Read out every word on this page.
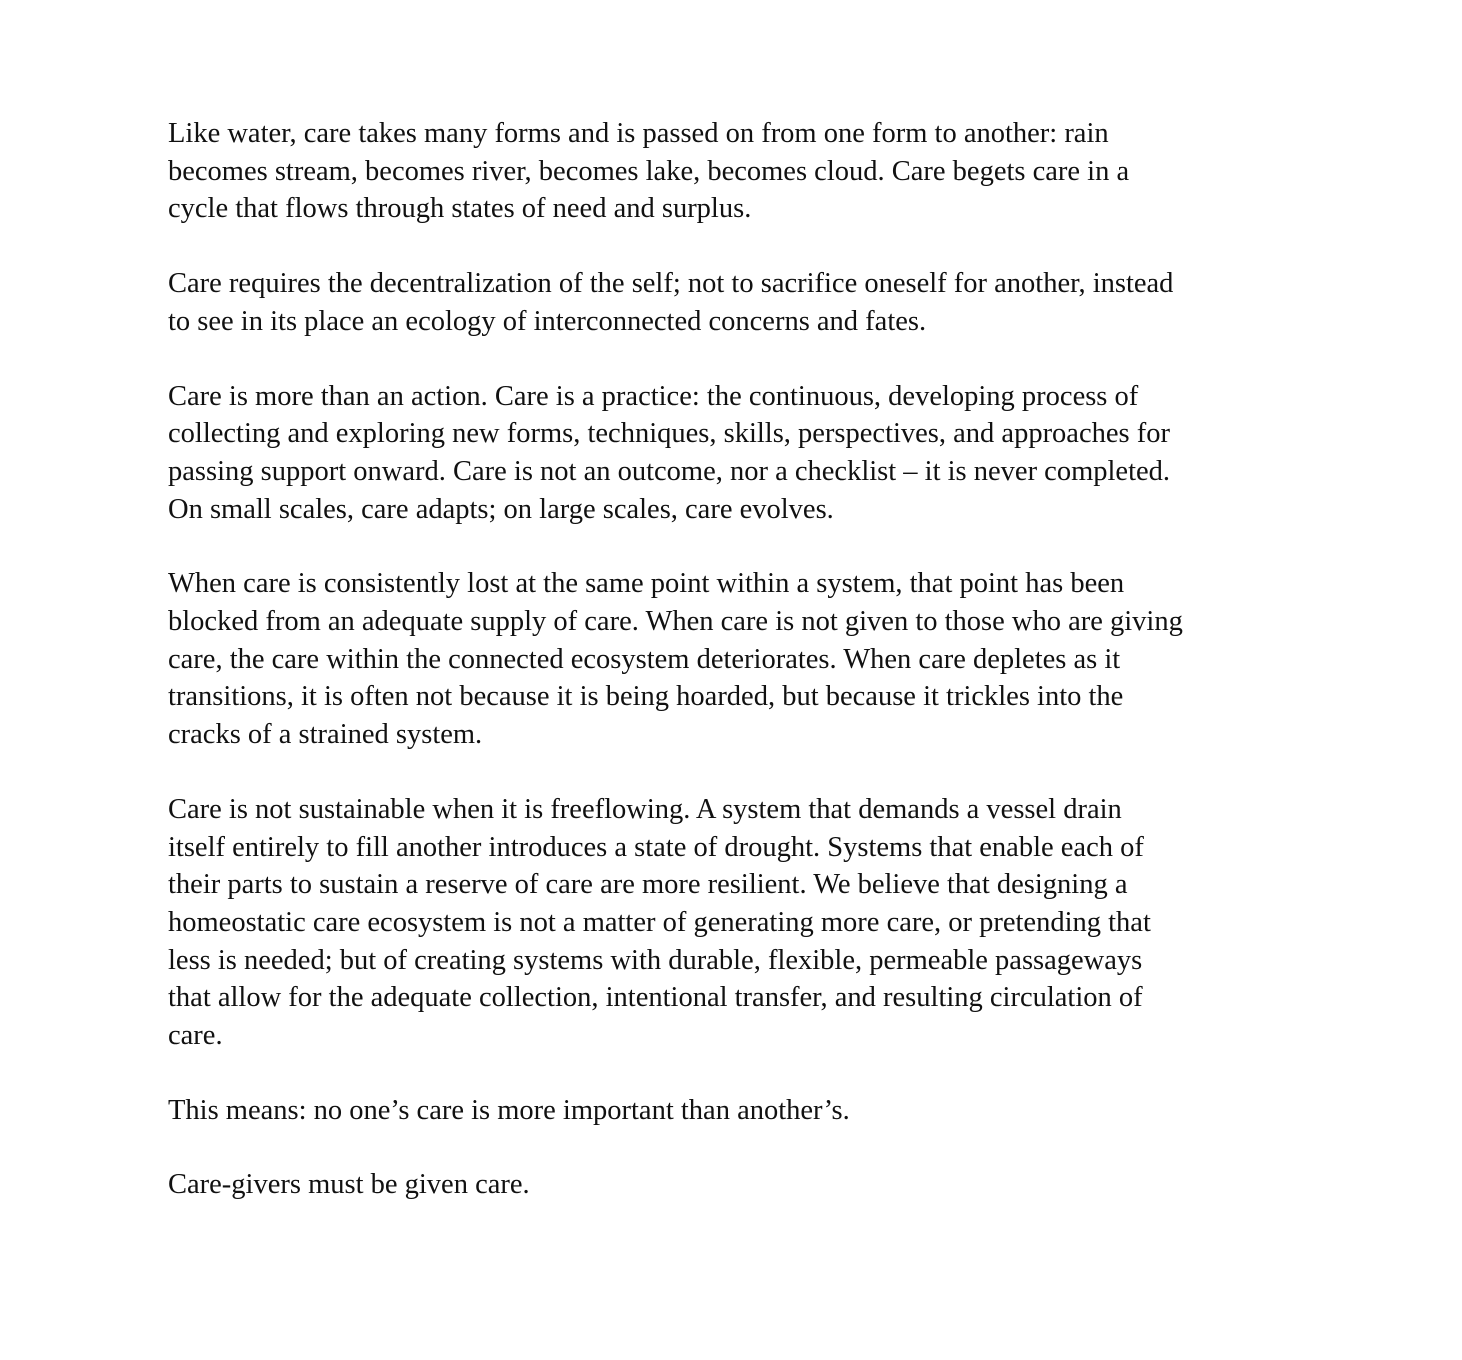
Like water, care takes many forms and is passed on from one form to another: rain
becomes stream, becomes river, becomes lake, becomes cloud. Care begets care in a
cycle that flows through states of need and surplus.

Care requires the decentralization of the self; not to sacrifice oneself for another, instead
to see in its place an ecology of interconnected concerns and fates.

Care is more than an action. Care is a practice: the continuous, developing process of
collecting and exploring new forms, techniques, skills, perspectives, and approaches for
passing support onward. Care is not an outcome, nor a checklist – it is never completed.
On small scales, care adapts; on large scales, care evolves.

When care is consistently lost at the same point within a system, that point has been
blocked from an adequate supply of care. When care is not given to those who are giving
care, the care within the connected ecosystem deteriorates. When care depletes as it
transitions, it is often not because it is being hoarded, but because it trickles into the
cracks of a strained system.

Care is not sustainable when it is freeflowing. A system that demands a vessel drain
itself entirely to fill another introduces a state of drought. Systems that enable each of
their parts to sustain a reserve of care are more resilient. We believe that designing a
homeostatic care ecosystem is not a matter of generating more care, or pretending that
less is needed; but of creating systems with durable, flexible, permeable passageways
that allow for the adequate collection, intentional transfer, and resulting circulation of
care.

This means: no one’s care is more important than another’s.

Care-givers must be given care.
